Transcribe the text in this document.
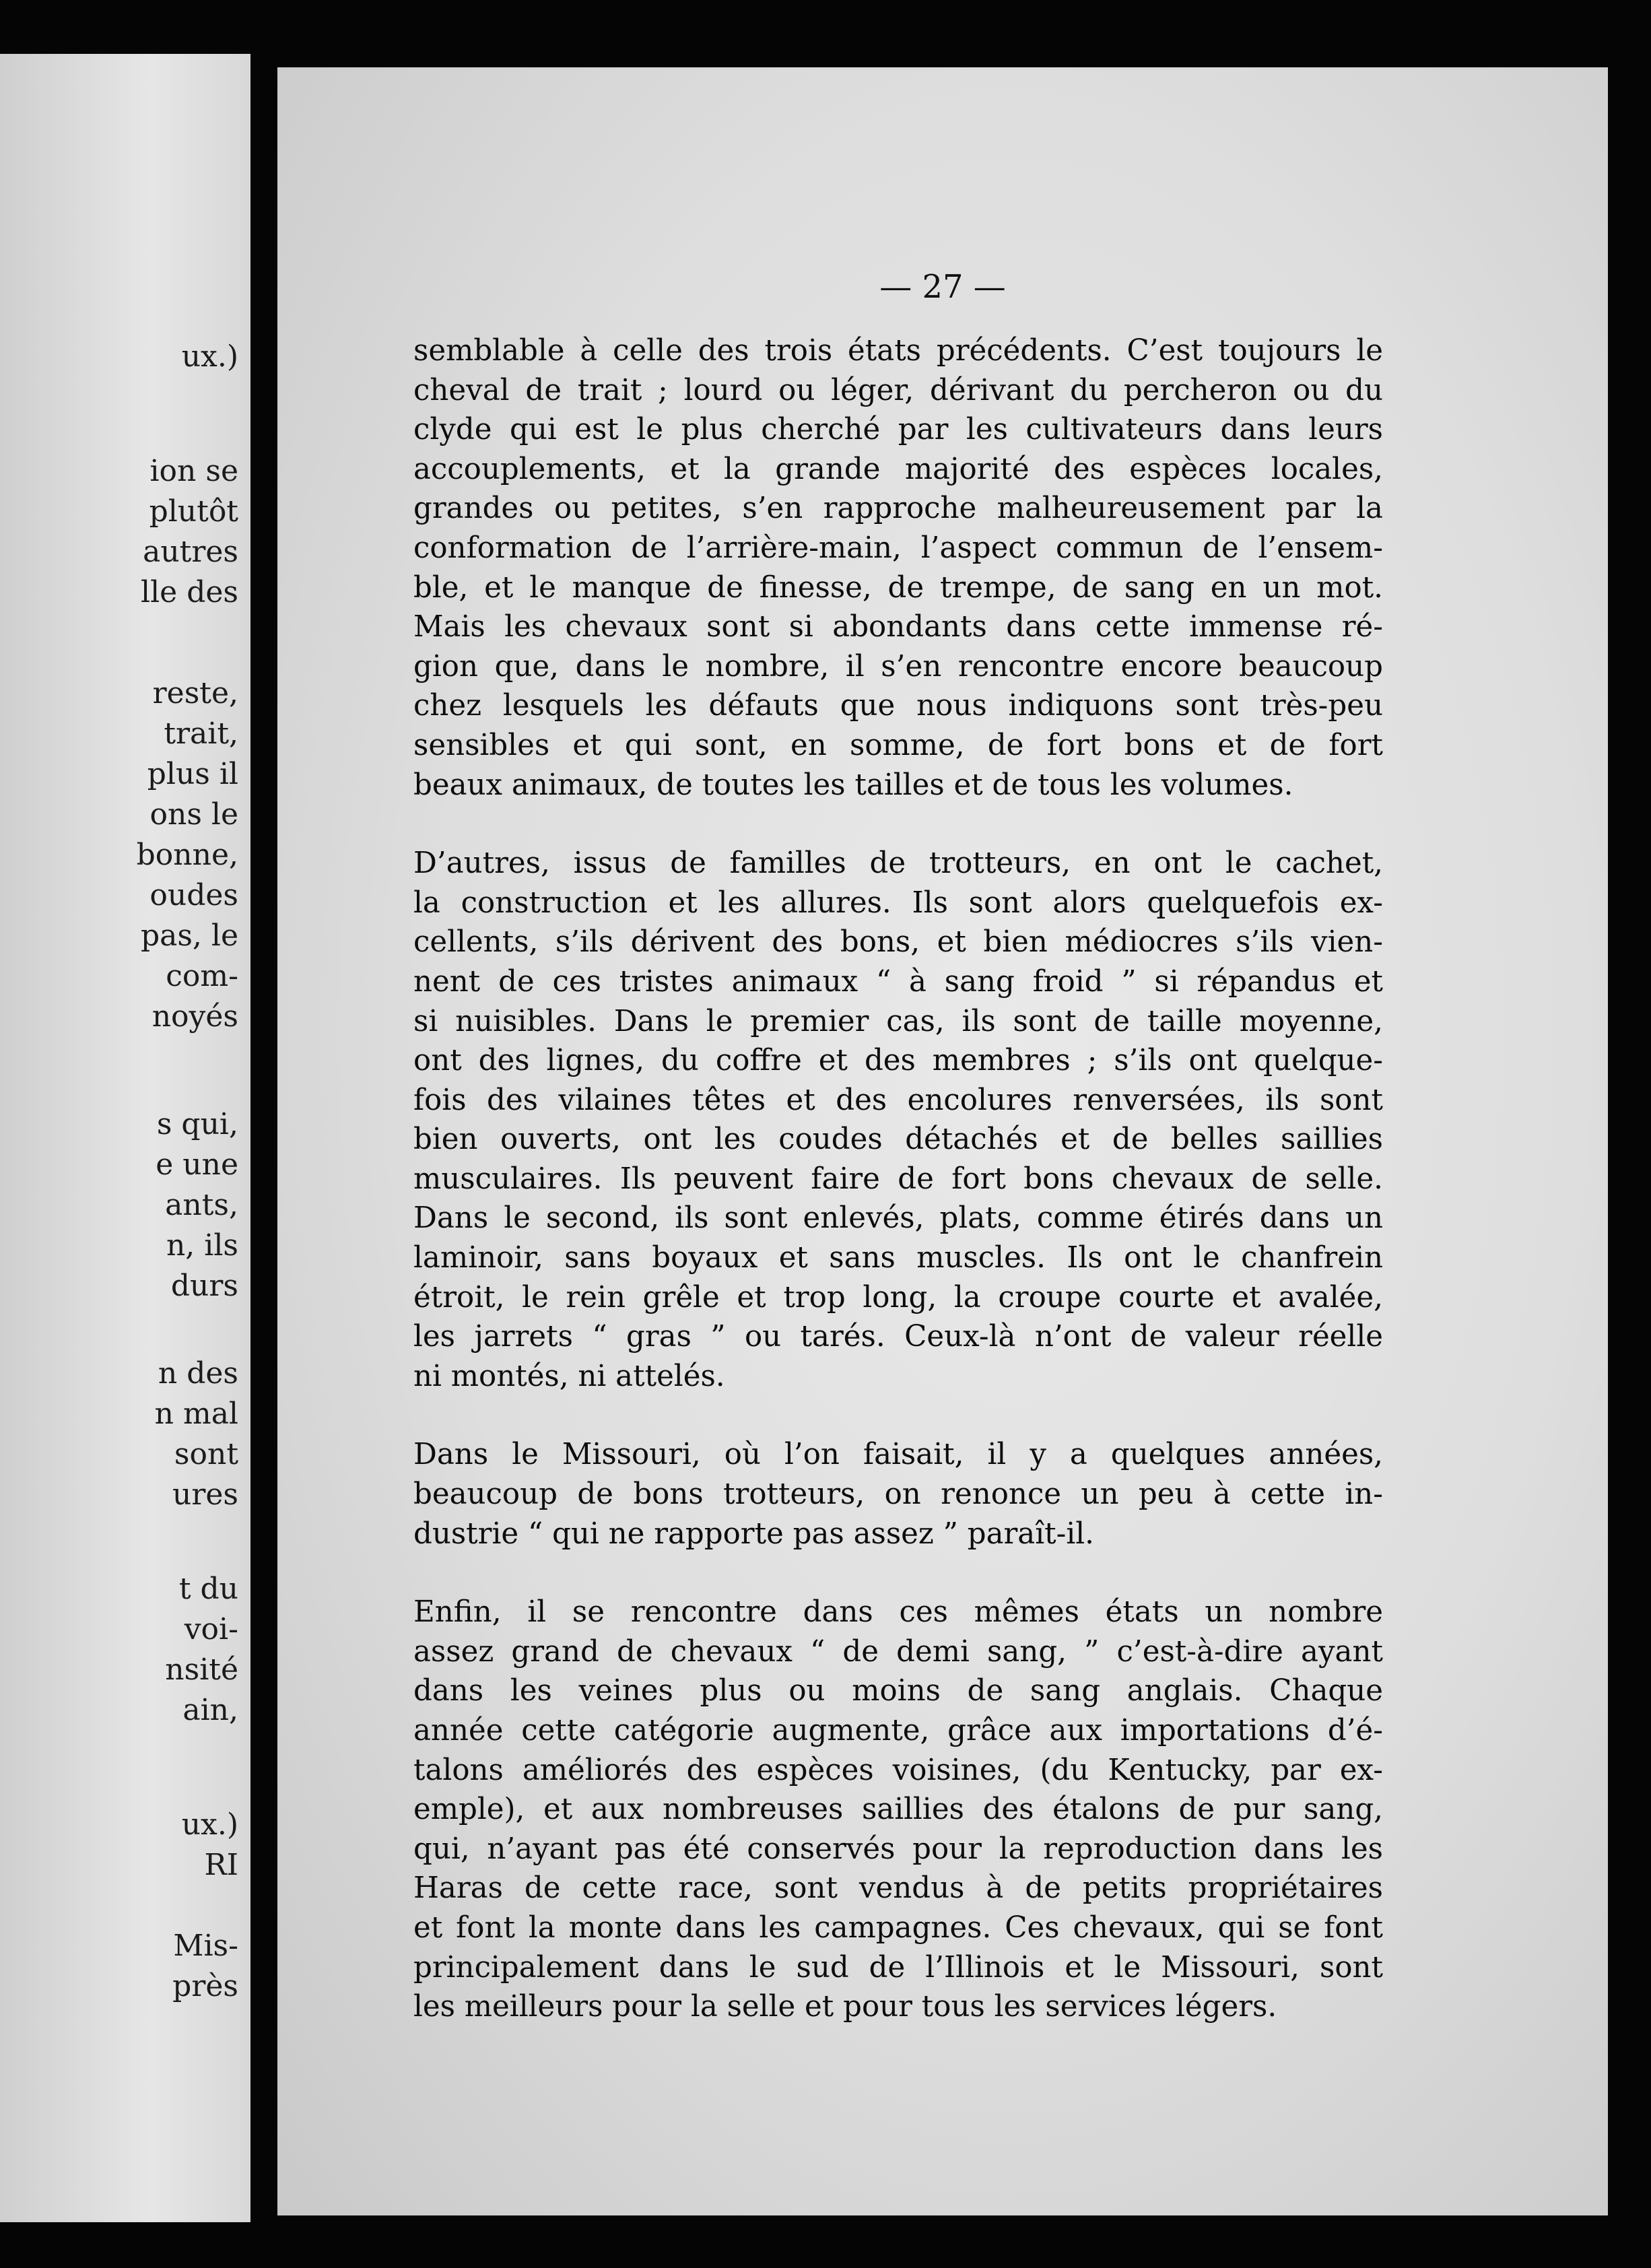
ux.)
ion se
plutôt
autres
lle des
reste,
trait,
plus il
ons le
bonne,
oudes
pas, le
com-
noyés
s qui,
e une
ants,
n, ils
durs
n des
n mal
sont
ures
t du
voi-
nsité
ain,
ux.)
RI
Mis-
près
— 27 —

semblable à celle des trois états précédents. C’est toujours le
cheval de trait ; lourd ou léger, dérivant du percheron ou du
clyde qui est le plus cherché par les cultivateurs dans leurs
accouplements, et la grande majorité des espèces locales,
grandes ou petites, s’en rapproche malheureusement par la
conformation de l’arrière-main, l’aspect commun de l’ensem-
ble, et le manque de finesse, de trempe, de sang en un mot.
Mais les chevaux sont si abondants dans cette immense ré-
gion que, dans le nombre, il s’en rencontre encore beaucoup
chez lesquels les défauts que nous indiquons sont très-peu
sensibles et qui sont, en somme, de fort bons et de fort
beaux animaux, de toutes les tailles et de tous les volumes.

D’autres, issus de familles de trotteurs, en ont le cachet,
la construction et les allures. Ils sont alors quelquefois ex-
cellents, s’ils dérivent des bons, et bien médiocres s’ils vien-
nent de ces tristes animaux “ à sang froid ” si répandus et
si nuisibles. Dans le premier cas, ils sont de taille moyenne,
ont des lignes, du coffre et des membres ; s’ils ont quelque-
fois des vilaines têtes et des encolures renversées, ils sont
bien ouverts, ont les coudes détachés et de belles saillies
musculaires. Ils peuvent faire de fort bons chevaux de selle.
Dans le second, ils sont enlevés, plats, comme étirés dans un
laminoir, sans boyaux et sans muscles. Ils ont le chanfrein
étroit, le rein grêle et trop long, la croupe courte et avalée,
les jarrets “ gras ” ou tarés. Ceux-là n’ont de valeur réelle
ni montés, ni attelés.

Dans le Missouri, où l’on faisait, il y a quelques années,
beaucoup de bons trotteurs, on renonce un peu à cette in-
dustrie “ qui ne rapporte pas assez ” paraît-il.

Enfin, il se rencontre dans ces mêmes états un nombre
assez grand de chevaux “ de demi sang, ” c’est-à-dire ayant
dans les veines plus ou moins de sang anglais. Chaque
année cette catégorie augmente, grâce aux importations d’é-
talons améliorés des espèces voisines, (du Kentucky, par ex-
emple), et aux nombreuses saillies des étalons de pur sang,
qui, n’ayant pas été conservés pour la reproduction dans les
Haras de cette race, sont vendus à de petits propriétaires
et font la monte dans les campagnes. Ces chevaux, qui se font
principalement dans le sud de l’Illinois et le Missouri, sont
les meilleurs pour la selle et pour tous les services légers.
